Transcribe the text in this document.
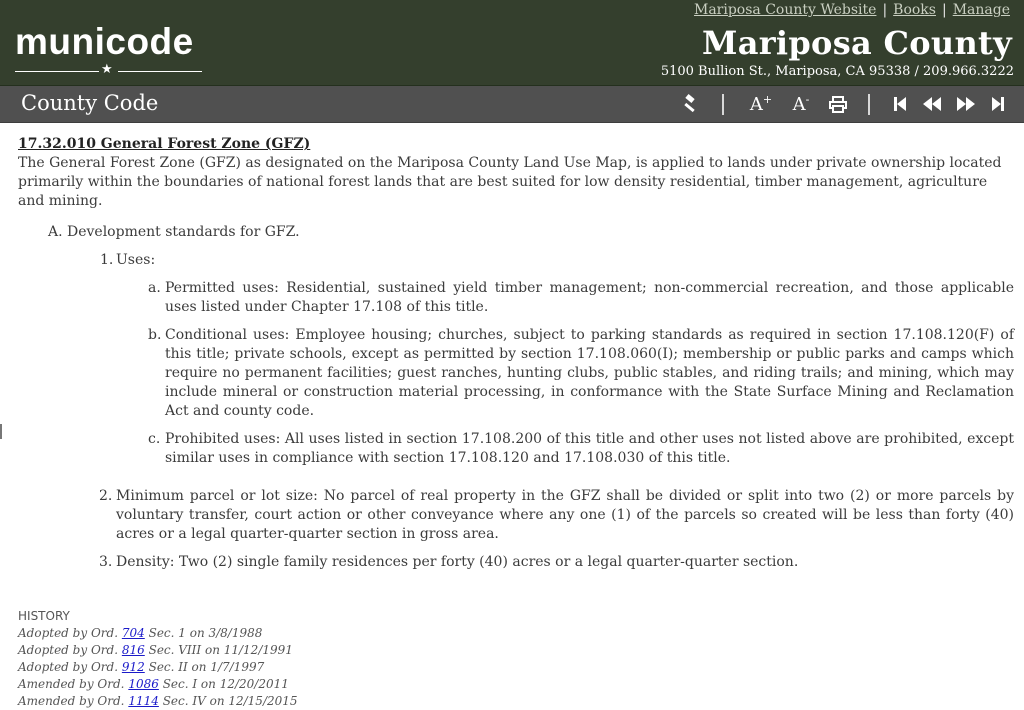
municode
★
Mariposa County Website | Books | Manage
Mariposa County
5100 Bullion St., Mariposa, CA 95338 / 209.966.3222
County Code	A+ A-
17.32.010 General Forest Zone (GFZ)

The General Forest Zone (GFZ) as designated on the Mariposa County Land Use Map, is applied to lands under private ownership located primarily within the boundaries of national forest lands that are best suited for low density residential, timber management, agriculture and mining.

A. Development standards for GFZ.
1. Uses:
a. Permitted uses: Residential, sustained yield timber management; non-commercial recreation, and those applicable uses listed under Chapter 17.108 of this title.

b. Conditional uses: Employee housing; churches, subject to parking standards as required in section 17.108.120(F) of this title; private schools, except as permitted by section 17.108.060(I); membership or public parks and camps which require no permanent facilities; guest ranches, hunting clubs, public stables, and riding trails; and mining, which may include mineral or construction material processing, in conformance with the State Surface Mining and Reclamation Act and county code.

c. Prohibited uses: All uses listed in section 17.108.200 of this title and other uses not listed above are prohibited, except similar uses in compliance with section 17.108.120 and 17.108.030 of this title.

2. Minimum parcel or lot size: No parcel of real property in the GFZ shall be divided or split into two (2) or more parcels by voluntary transfer, court action or other conveyance where any one (1) of the parcels so created will be less than forty (40) acres or a legal quarter-quarter section in gross area.

3. Density: Two (2) single family residences per forty (40) acres or a legal quarter-quarter section.

HISTORY
Adopted by Ord. 704 Sec. 1 on 3/8/1988
Adopted by Ord. 816 Sec. VIII on 11/12/1991
Adopted by Ord. 912 Sec. II on 1/7/1997
Amended by Ord. 1086 Sec. I on 12/20/2011
Amended by Ord. 1114 Sec. IV on 12/15/2015
